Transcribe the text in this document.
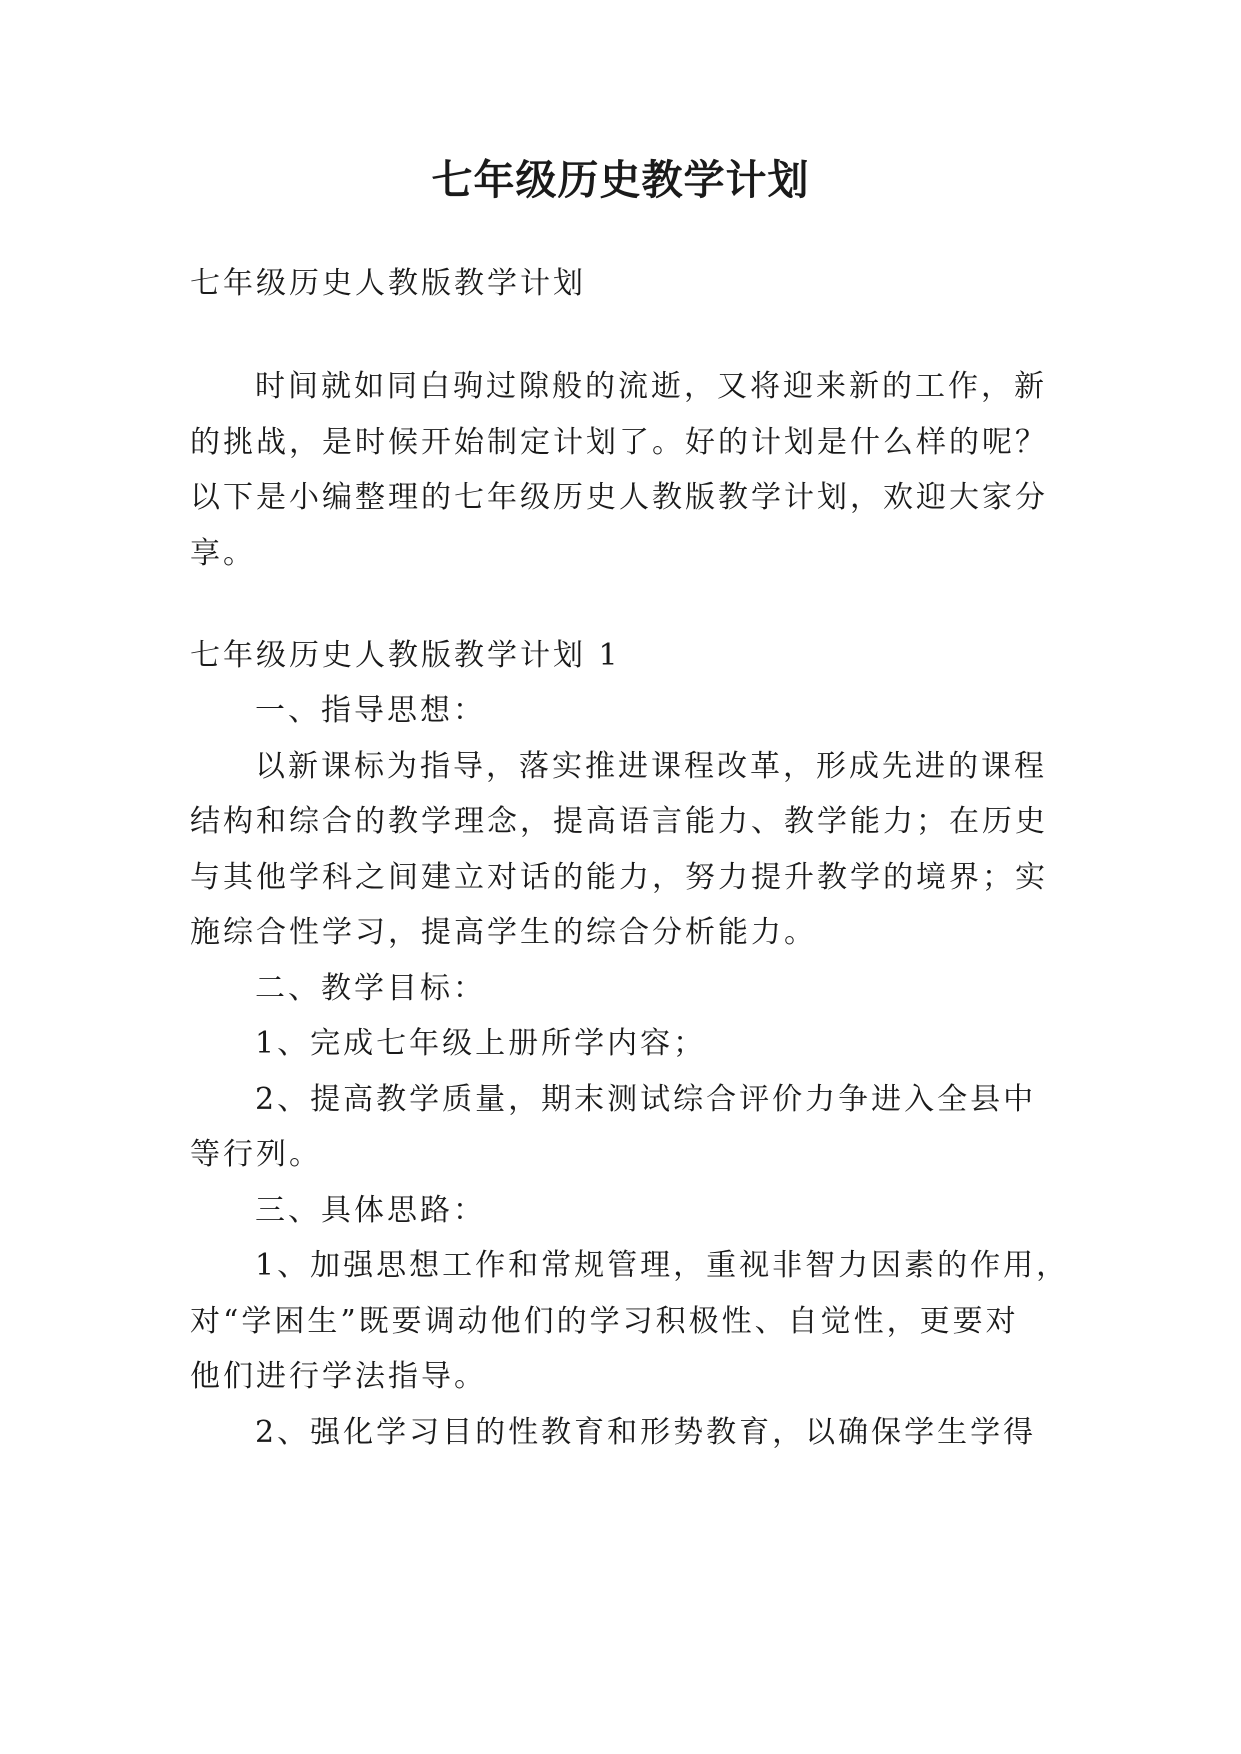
七年级历史教学计划
七年级历史人教版教学计划
时间就如同白驹过隙般的流逝，又将迎来新的工作，新
的挑战，是时候开始制定计划了。好的计划是什么样的呢？
以下是小编整理的七年级历史人教版教学计划，欢迎大家分
享。
七年级历史人教版教学计划 1
一、指导思想：
以新课标为指导，落实推进课程改革，形成先进的课程
结构和综合的教学理念，提高语言能力、教学能力；在历史
与其他学科之间建立对话的能力，努力提升教学的境界；实
施综合性学习，提高学生的综合分析能力。
二、教学目标：
1、完成七年级上册所学内容；
2、提高教学质量，期末测试综合评价力争进入全县中
等行列。
三、具体思路：
1、加强思想工作和常规管理，重视非智力因素的作用，
对“学困生”既要调动他们的学习积极性、自觉性，更要对
他们进行学法指导。
2、强化学习目的性教育和形势教育，以确保学生学得
